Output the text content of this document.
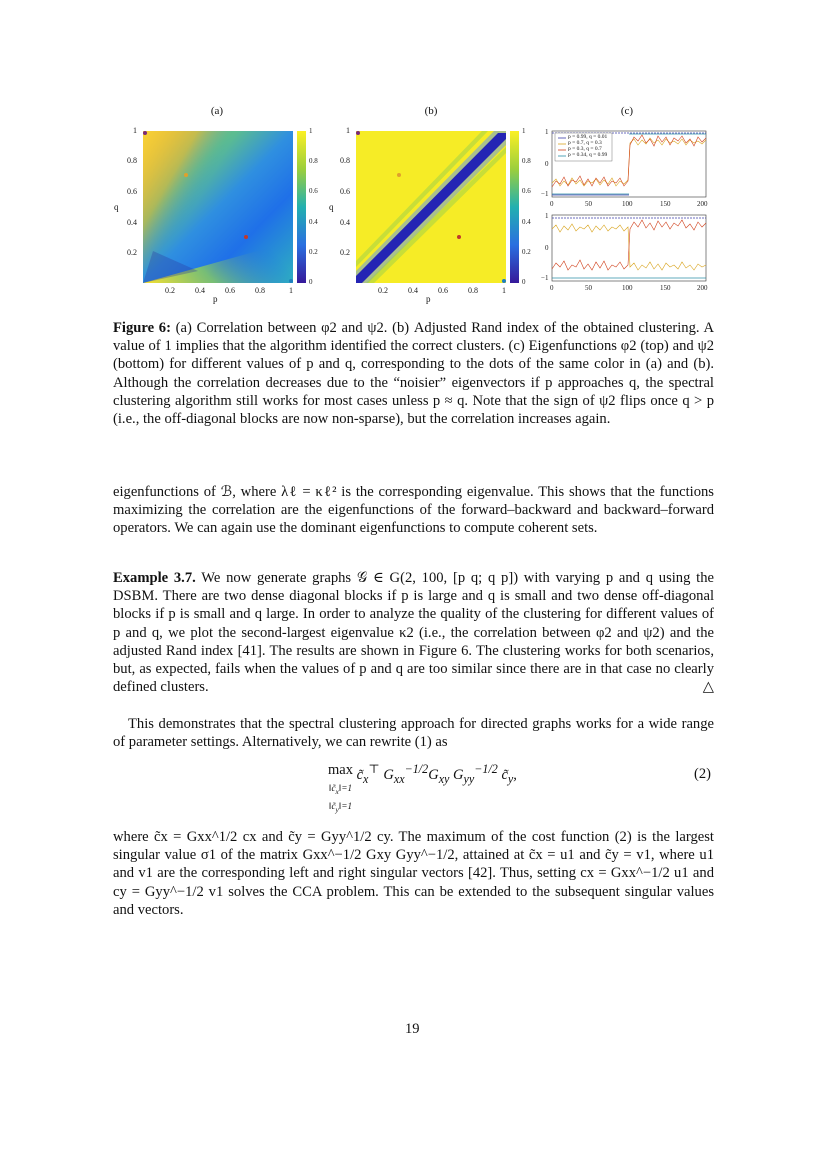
(a)	(b)	(c)
1
0.8
0.6
0.4
0.2
q
0.2	0.4	0.6	0.8	1
p
1
0.8
0.6
0.4
0.2
0
1
0.8
0.6
0.4
0.2
q
0.2	0.4	0.6	0.8	1
p
1
0.8
0.6
0.4
0.2
0
p = 0.99, q = 0.01
p = 0.7, q = 0.3
p = 0.3, q = 0.7
p = 0.34, q = 0.99
1
0
−1
0	50	100	150	200
1
0
−1
0	50	100	150	200
Figure 6: (a) Correlation between φ2 and ψ2. (b) Adjusted Rand index of the obtained clustering. A value of 1 implies that the algorithm identified the correct clusters. (c) Eigenfunctions φ2 (top) and ψ2 (bottom) for different values of p and q, corresponding to the dots of the same color in (a) and (b). Although the correlation decreases due to the “noisier” eigenvectors if p approaches q, the spectral clustering algorithm still works for most cases unless p ≈ q. Note that the sign of ψ2 flips once q > p (i.e., the off-diagonal blocks are now non-sparse), but the correlation increases again.
eigenfunctions of ℬ, where λℓ = κℓ² is the corresponding eigenvalue. This shows that the functions maximizing the correlation are the eigenfunctions of the forward–backward and backward–forward operators. We can again use the dominant eigenfunctions to compute coherent sets.
Example 3.7. We now generate graphs 𝒢 ∈ G(2, 100, [p q; q p]) with varying p and q using the DSBM. There are two dense diagonal blocks if p is large and q is small and two dense off-diagonal blocks if p is small and q large. In order to analyze the quality of the clustering for different values of p and q, we plot the second-largest eigenvalue κ2 (i.e., the correlation between φ2 and ψ2) and the adjusted Rand index [41]. The results are shown in Figure 6. The clustering works for both scenarios, but, as expected, fails when the values of p and q are too similar since there are in that case no clearly defined clusters.	△
This demonstrates that the spectral clustering approach for directed graphs works for a wide range of parameter settings. Alternatively, we can rewrite (1) as
max
$‖c̃_x‖=1$
$‖c̃_y‖=1$ $c̃_x^⊤$ $G_{xx}^{-1/2}G_{xy}$ $G_{yy}^{-1/2}$ $c̃_y$,	(2)
where c̃x = Gxx^1/2 cx and c̃y = Gyy^1/2 cy. The maximum of the cost function (2) is the largest singular value σ1 of the matrix Gxx^−1/2 Gxy Gyy^−1/2, attained at c̃x = u1 and c̃y = v1, where u1 and v1 are the corresponding left and right singular vectors [42]. Thus, setting cx = Gxx^−1/2 u1 and cy = Gyy^−1/2 v1 solves the CCA problem. This can be extended to the subsequent singular values and vectors.
19
